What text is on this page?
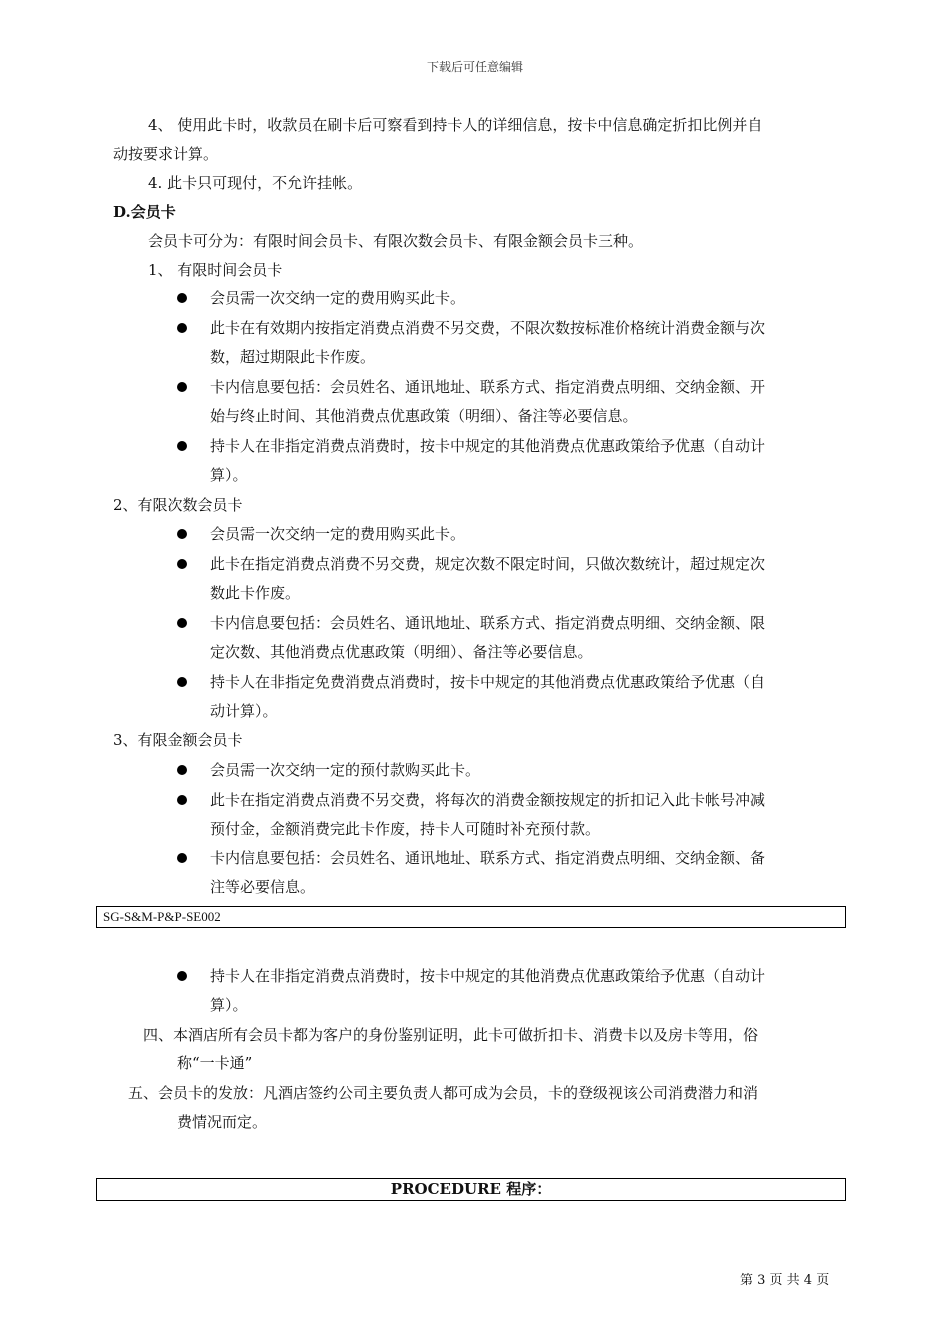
下载后可任意编辑
4、 使用此卡时，收款员在刷卡后可察看到持卡人的详细信息，按卡中信息确定折扣比例并自
动按要求计算。
4. 此卡只可现付，不允许挂帐。
D.会员卡
会员卡可分为：有限时间会员卡、有限次数会员卡、有限金额会员卡三种。
1、 有限时间会员卡
会员需一次交纳一定的费用购买此卡。
此卡在有效期内按指定消费点消费不另交费，不限次数按标准价格统计消费金额与次
数，超过期限此卡作废。
卡内信息要包括：会员姓名、通讯地址、联系方式、指定消费点明细、交纳金额、开
始与终止时间、其他消费点优惠政策（明细）、备注等必要信息。
持卡人在非指定消费点消费时，按卡中规定的其他消费点优惠政策给予优惠（自动计
算）。
2、有限次数会员卡
会员需一次交纳一定的费用购买此卡。
此卡在指定消费点消费不另交费，规定次数不限定时间，只做次数统计，超过规定次
数此卡作废。
卡内信息要包括：会员姓名、通讯地址、联系方式、指定消费点明细、交纳金额、限
定次数、其他消费点优惠政策（明细）、备注等必要信息。
持卡人在非指定免费消费点消费时，按卡中规定的其他消费点优惠政策给予优惠（自
动计算）。
3、有限金额会员卡
会员需一次交纳一定的预付款购买此卡。
此卡在指定消费点消费不另交费，将每次的消费金额按规定的折扣记入此卡帐号冲减
预付金，金额消费完此卡作废，持卡人可随时补充预付款。
卡内信息要包括：会员姓名、通讯地址、联系方式、指定消费点明细、交纳金额、备
注等必要信息。
SG-S&M-P&P-SE002
持卡人在非指定消费点消费时，按卡中规定的其他消费点优惠政策给予优惠（自动计
算）。
四、本酒店所有会员卡都为客户的身份鉴别证明，此卡可做折扣卡、消费卡以及房卡等用，俗
称“一卡通”
五、会员卡的发放：凡酒店签约公司主要负责人都可成为会员，卡的登级视该公司消费潜力和消
费情况而定。
PROCEDURE 程序：
第 3 页 共 4 页
